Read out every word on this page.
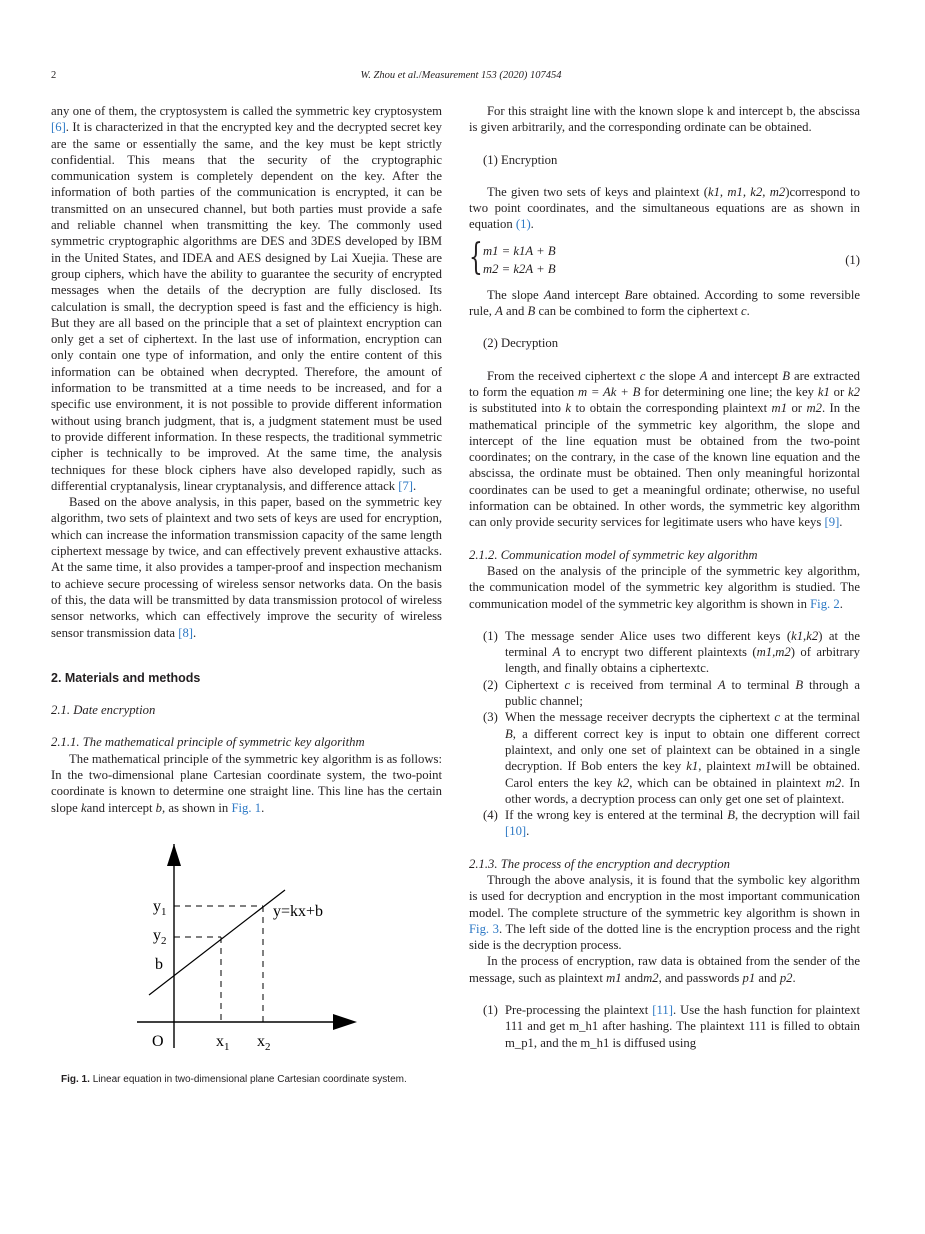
2	W. Zhou et al./Measurement 153 (2020) 107454

any one of them, the cryptosystem is called the symmetric key cryptosystem [6]. It is characterized in that the encrypted key and the decrypted secret key are the same or essentially the same, and the key must be kept strictly confidential. This means that the security of the cryptographic communication system is completely dependent on the key. After the information of both parties of the communication is encrypted, it can be transmitted on an unsecured channel, but both parties must provide a safe and reliable channel when transmitting the key. The commonly used symmetric cryptographic algorithms are DES and 3DES developed by IBM in the United States, and IDEA and AES designed by Lai Xuejia. These are group ciphers, which have the ability to guarantee the security of encrypted messages when the details of the decryption are fully disclosed. Its calculation is small, the decryption speed is fast and the efficiency is high. But they are all based on the principle that a set of plaintext encryption can only get a set of ciphertext. In the last use of information, encryption can only contain one type of information, and only the entire content of this information can be obtained when decrypted. Therefore, the amount of information to be transmitted at a time needs to be increased, and for a specific use environment, it is not possible to provide different information without using branch judgment, that is, a judgment statement must be used to provide different information. In these respects, the traditional symmetric cipher is technically to be improved. At the same time, the analysis techniques for these block ciphers have also developed rapidly, such as differential cryptanalysis, linear cryptanalysis, and difference attack [7].

Based on the above analysis, in this paper, based on the symmetric key algorithm, two sets of plaintext and two sets of keys are used for encryption, which can increase the information transmission capacity of the same length ciphertext message by twice, and can effectively prevent exhaustive attacks. At the same time, it also provides a tamper-proof and inspection mechanism to achieve secure processing of wireless sensor networks data. On the basis of this, the data will be transmitted by data transmission protocol of wireless sensor networks, which can effectively improve the security of wireless sensor transmission data [8].

2. Materials and methods

2.1. Date encryption

2.1.1. The mathematical principle of symmetric key algorithm

The mathematical principle of the symmetric key algorithm is as follows: In the two-dimensional plane Cartesian coordinate system, the two-point coordinate is known to determine one straight line. This line has the certain slope kand intercept b, as shown in Fig. 1.

$y_1$
$y_2$
b
O	$x_1$ $x_2$
y=kx+b
Fig. 1. Linear equation in two-dimensional plane Cartesian coordinate system.

For this straight line with the known slope k and intercept b, the abscissa is given arbitrarily, and the corresponding ordinate can be obtained.

(1) Encryption

The given two sets of keys and plaintext (k1, m1, k2, m2)correspond to two point coordinates, and the simultaneous equations are as shown in equation (1).

{ m1 = k1A + B
m2 = k2A + B
(1)

The slope Aand intercept Bare obtained. According to some reversible rule, A and B can be combined to form the ciphertext c.

(2) Decryption

From the received ciphertext c the slope A and intercept B are extracted to form the equation m = Ak + B for determining one line; the key k1 or k2 is substituted into k to obtain the corresponding plaintext m1 or m2. In the mathematical principle of the symmetric key algorithm, the slope and intercept of the line equation must be obtained from the two-point coordinates; on the contrary, in the case of the known line equation and the abscissa, the ordinate must be obtained. Then only meaningful horizontal coordinates can be used to get a meaningful ordinate; otherwise, no useful information can be obtained. In other words, the symmetric key algorithm can only provide security services for legitimate users who have keys [9].

2.1.2. Communication model of symmetric key algorithm

Based on the analysis of the principle of the symmetric key algorithm, the communication model of the symmetric key algorithm is studied. The communication model of the symmetric key algorithm is shown in Fig. 2.

(1) The message sender Alice uses two different keys (k1,k2) at the terminal A to encrypt two different plaintexts (m1,m2) of arbitrary length, and finally obtains a ciphertextc.
(2) Ciphertext c is received from terminal A to terminal B through a public channel;
(3) When the message receiver decrypts the ciphertext c at the terminal B, a different correct key is input to obtain one different correct plaintext, and only one set of plaintext can be obtained in a single decryption. If Bob enters the key k1, plaintext m1will be obtained. Carol enters the key k2, which can be obtained in plaintext m2. In other words, a decryption process can only get one set of plaintext.
(4) If the wrong key is entered at the terminal B, the decryption will fail [10].

2.1.3. The process of the encryption and decryption

Through the above analysis, it is found that the symbolic key algorithm is used for decryption and encryption in the most important communication model. The complete structure of the symmetric key algorithm is shown in Fig. 3. The left side of the dotted line is the encryption process and the right side is the decryption process.

In the process of encryption, raw data is obtained from the sender of the message, such as plaintext m1 andm2, and passwords p1 and p2.

(1) Pre-processing the plaintext [11]. Use the hash function for plaintext 111 and get m_h1 after hashing. The plaintext 111 is filled to obtain m_p1, and the m_h1 is diffused using
